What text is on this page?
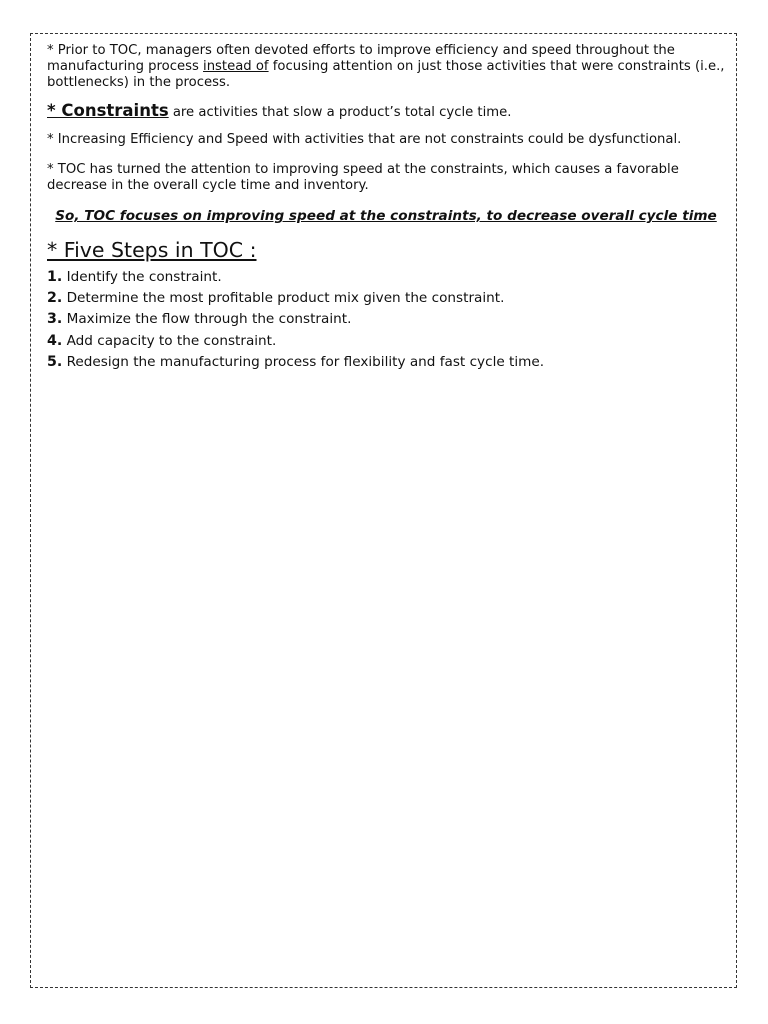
* Prior to TOC, managers often devoted efforts to improve efficiency and speed throughout the manufacturing process instead of focusing attention on just those activities that were constraints (i.e., bottlenecks) in the process.

* Constraints are activities that slow a product’s total cycle time.

* Increasing Efficiency and Speed with activities that are not constraints could be dysfunctional.

* TOC has turned the attention to improving speed at the constraints, which causes a favorable decrease in the overall cycle time and inventory.

So, TOC focuses on improving speed at the constraints, to decrease overall cycle time

* Five Steps in TOC :
1. Identify the constraint.
2. Determine the most profitable product mix given the constraint.
3. Maximize the flow through the constraint.
4. Add capacity to the constraint.
5. Redesign the manufacturing process for flexibility and fast cycle time.
